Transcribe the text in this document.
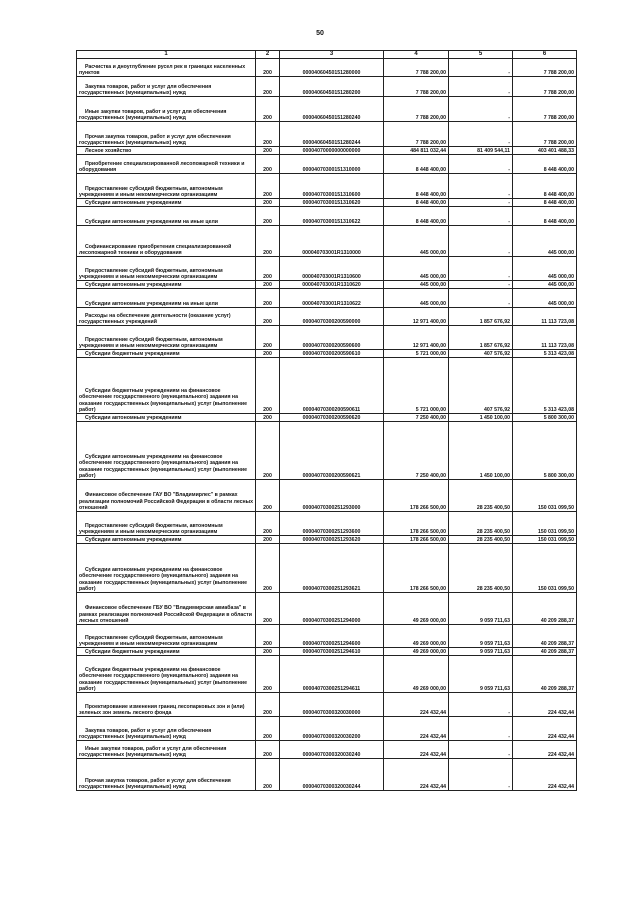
50
1	2	3	4	5	6
Расчистка и дноуглубление русел рек в границах населенных пунктов	200	00004060450151280000	7 788 200,00	-	7 788 200,00
Закупка товаров, работ и услуг для обеспечения государственных (муниципальных) нужд	200	00004060450151280200	7 788 200,00	-	7 788 200,00
Иные закупки товаров, работ и услуг для обеспечения государственных (муниципальных) нужд	200	00004060450151280240	7 788 200,00	-	7 788 200,00
Прочая закупка товаров, работ и услуг для обеспечения государственных (муниципальных) нужд	200	00004060450151280244	7 788 200,00	-	7 788 200,00
Лесное хозяйство	200	00004070000000000000	484 811 032,44	81 409 544,11	403 401 488,33
Приобретение специализированной лесопожарной техники и оборудования	200	00004070300151310000	8 448 400,00	-	8 448 400,00
Предоставление субсидий бюджетным, автономным учреждениям и иным некоммерческим организациям	200	00004070300151310600	8 448 400,00	-	8 448 400,00
Субсидии автономным учреждениям	200	00004070300151310620	8 448 400,00	-	8 448 400,00
Субсидии автономным учреждениям на иные цели	200	00004070300151310622	8 448 400,00	-	8 448 400,00
Софинансирование приобретения специализированной лесопожарной техники и оборудования	200	000040703001R1310000	445 000,00	-	445 000,00
Предоставление субсидий бюджетным, автономным учреждениям и иным некоммерческим организациям	200	000040703001R1310600	445 000,00	-	445 000,00
Субсидии автономным учреждениям	200	000040703001R1310620	445 000,00	-	445 000,00
Субсидии автономным учреждениям на иные цели	200	000040703001R1310622	445 000,00	-	445 000,00
Расходы на обеспечение деятельности (оказание услуг) государственных учреждений	200	00004070300200590000	12 971 400,00	1 857 676,92	11 113 723,08
Предоставление субсидий бюджетным, автономным учреждениям и иным некоммерческим организациям	200	00004070300200590600	12 971 400,00	1 857 676,92	11 113 723,08
Субсидии бюджетным учреждениям	200	00004070300200590610	5 721 000,00	407 576,92	5 313 423,08
Субсидии бюджетным учреждениям на финансовое обеспечение государственного (муниципального) задания на оказание государственных (муниципальных) услуг (выполнение работ)	200	00004070300200590611	5 721 000,00	407 576,92	5 313 423,08
Субсидии автономным учреждениям	200	00004070300200590620	7 250 400,00	1 450 100,00	5 800 300,00
Субсидии автономным учреждениям на финансовое обеспечение государственного (муниципального) задания на оказание государственных (муниципальных) услуг (выполнение работ)	200	00004070300200590621	7 250 400,00	1 450 100,00	5 800 300,00
Финансовое обеспечение ГАУ ВО "Владимирлес" в рамках реализации полномочий Российской Федерации в области лесных отношений	200	00004070300251293000	178 266 500,00	28 235 400,50	150 031 099,50
Предоставление субсидий бюджетным, автономным учреждениям и иным некоммерческим организациям	200	00004070300251293600	178 266 500,00	28 235 400,50	150 031 099,50
Субсидии автономным учреждениям	200	00004070300251293620	178 266 500,00	28 235 400,50	150 031 099,50
Субсидии автономным учреждениям на финансовое обеспечение государственного (муниципального) задания на оказание государственных (муниципальных) услуг (выполнение работ)	200	00004070300251293621	178 266 500,00	28 235 400,50	150 031 099,50
Финансовое обеспечение ГБУ ВО "Владимирская авиабаза" в рамках реализации полномочий Российской Федерации в области лесных отношений	200	00004070300251294000	49 269 000,00	9 059 711,63	40 209 288,37
Предоставление субсидий бюджетным, автономным учреждениям и иным некоммерческим организациям	200	00004070300251294600	49 269 000,00	9 059 711,63	40 209 288,37
Субсидии бюджетным учреждениям	200	00004070300251294610	49 269 000,00	9 059 711,63	40 209 288,37
Субсидии бюджетным учреждениям на финансовое обеспечение государственного (муниципального) задания на оказание государственных (муниципальных) услуг (выполнение работ)	200	00004070300251294611	49 269 000,00	9 059 711,63	40 209 288,37
Проектирование изменения границ лесопарковых зон и (или) зеленых зон земель лесного фонда	200	00004070300320030000	224 432,44	-	224 432,44
Закупка товаров, работ и услуг для обеспечения государственных (муниципальных) нужд	200	00004070300320030200	224 432,44	-	224 432,44
Иные закупки товаров, работ и услуг для обеспечения государственных (муниципальных) нужд	200	00004070300320030240	224 432,44	-	224 432,44
Прочая закупка товаров, работ и услуг для обеспечения государственных (муниципальных) нужд	200	00004070300320030244	224 432,44	-	224 432,44
